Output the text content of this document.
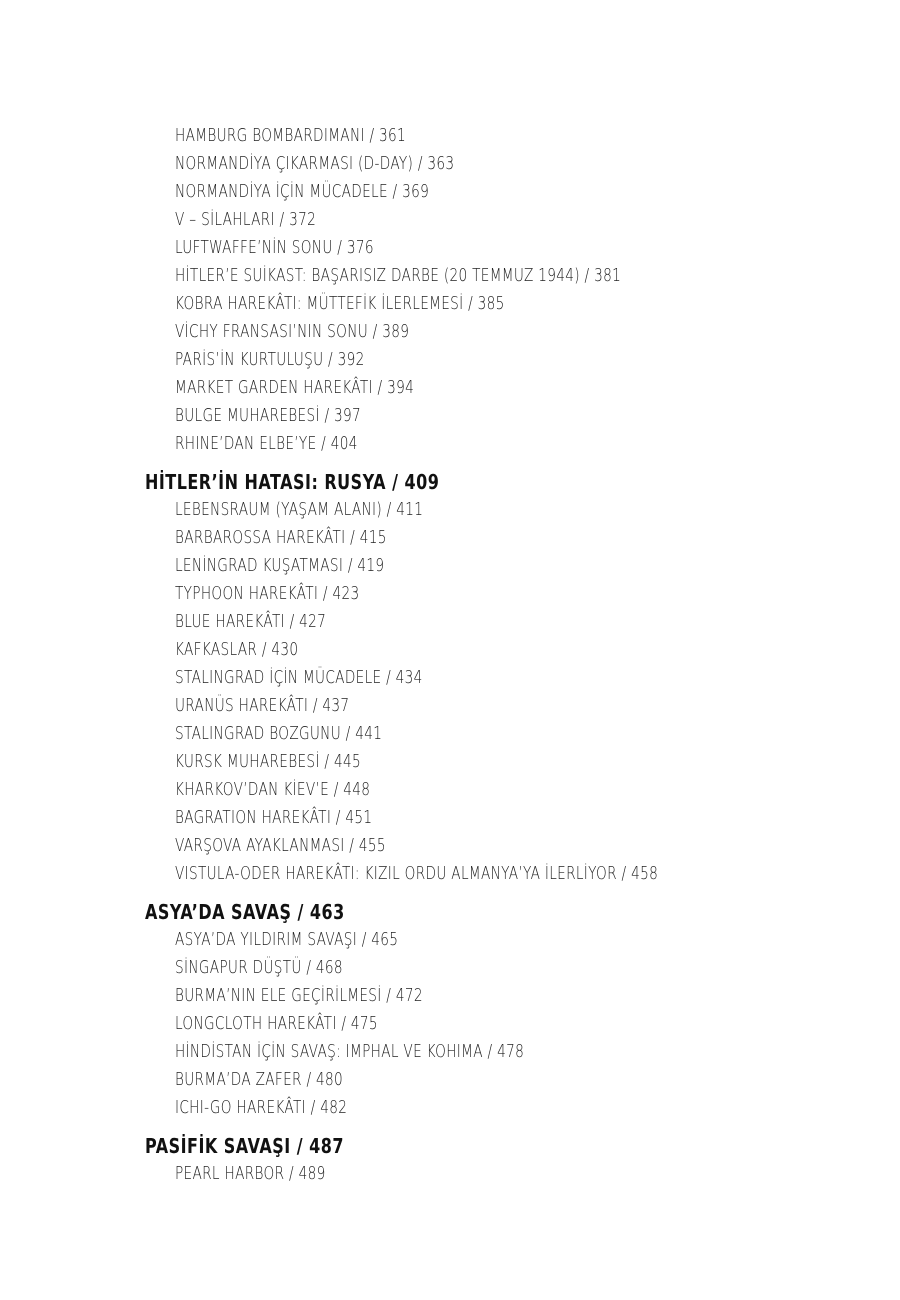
HAMBURG BOMBARDIMANI / 361
NORMANDİYA ÇIKARMASI (D-DAY) / 363
NORMANDİYA İÇİN MÜCADELE / 369
V – SİLAHLARI / 372
LUFTWAFFE’NİN SONU / 376
HİTLER’E SUİKAST: BAŞARISIZ DARBE (20 TEMMUZ 1944) / 381
KOBRA HAREKÂTI: MÜTTEFİK İLERLEMESİ / 385
VİCHY FRANSASI’NIN SONU / 389
PARİS’İN KURTULUŞU / 392
MARKET GARDEN HAREKÂTI / 394
BULGE MUHAREBESİ / 397
RHINE’DAN ELBE’YE / 404
HİTLER’İN HATASI: RUSYA / 409
LEBENSRAUM (YAŞAM ALANI) / 411
BARBAROSSA HAREKÂTI / 415
LENİNGRAD KUŞATMASI / 419
TYPHOON HAREKÂTI / 423
BLUE HAREKÂTI / 427
KAFKASLAR / 430
STALINGRAD İÇİN MÜCADELE / 434
URANÜS HAREKÂTI / 437
STALINGRAD BOZGUNU / 441
KURSK MUHAREBESİ / 445
KHARKOV’DAN KİEV’E / 448
BAGRATION HAREKÂTI / 451
VARŞOVA AYAKLANMASI / 455
VISTULA-ODER HAREKÂTI: KIZIL ORDU ALMANYA’YA İLERLİYOR / 458
ASYA’DA SAVAŞ / 463
ASYA’DA YILDIRIM SAVAŞI / 465
SİNGAPUR DÜŞTÜ / 468
BURMA’NIN ELE GEÇİRİLMESİ / 472
LONGCLOTH HAREKÂTI / 475
HİNDİSTAN İÇİN SAVAŞ: IMPHAL VE KOHIMA / 478
BURMA’DA ZAFER / 480
ICHI-GO HAREKÂTI / 482
PASİFİK SAVAŞI / 487
PEARL HARBOR / 489
